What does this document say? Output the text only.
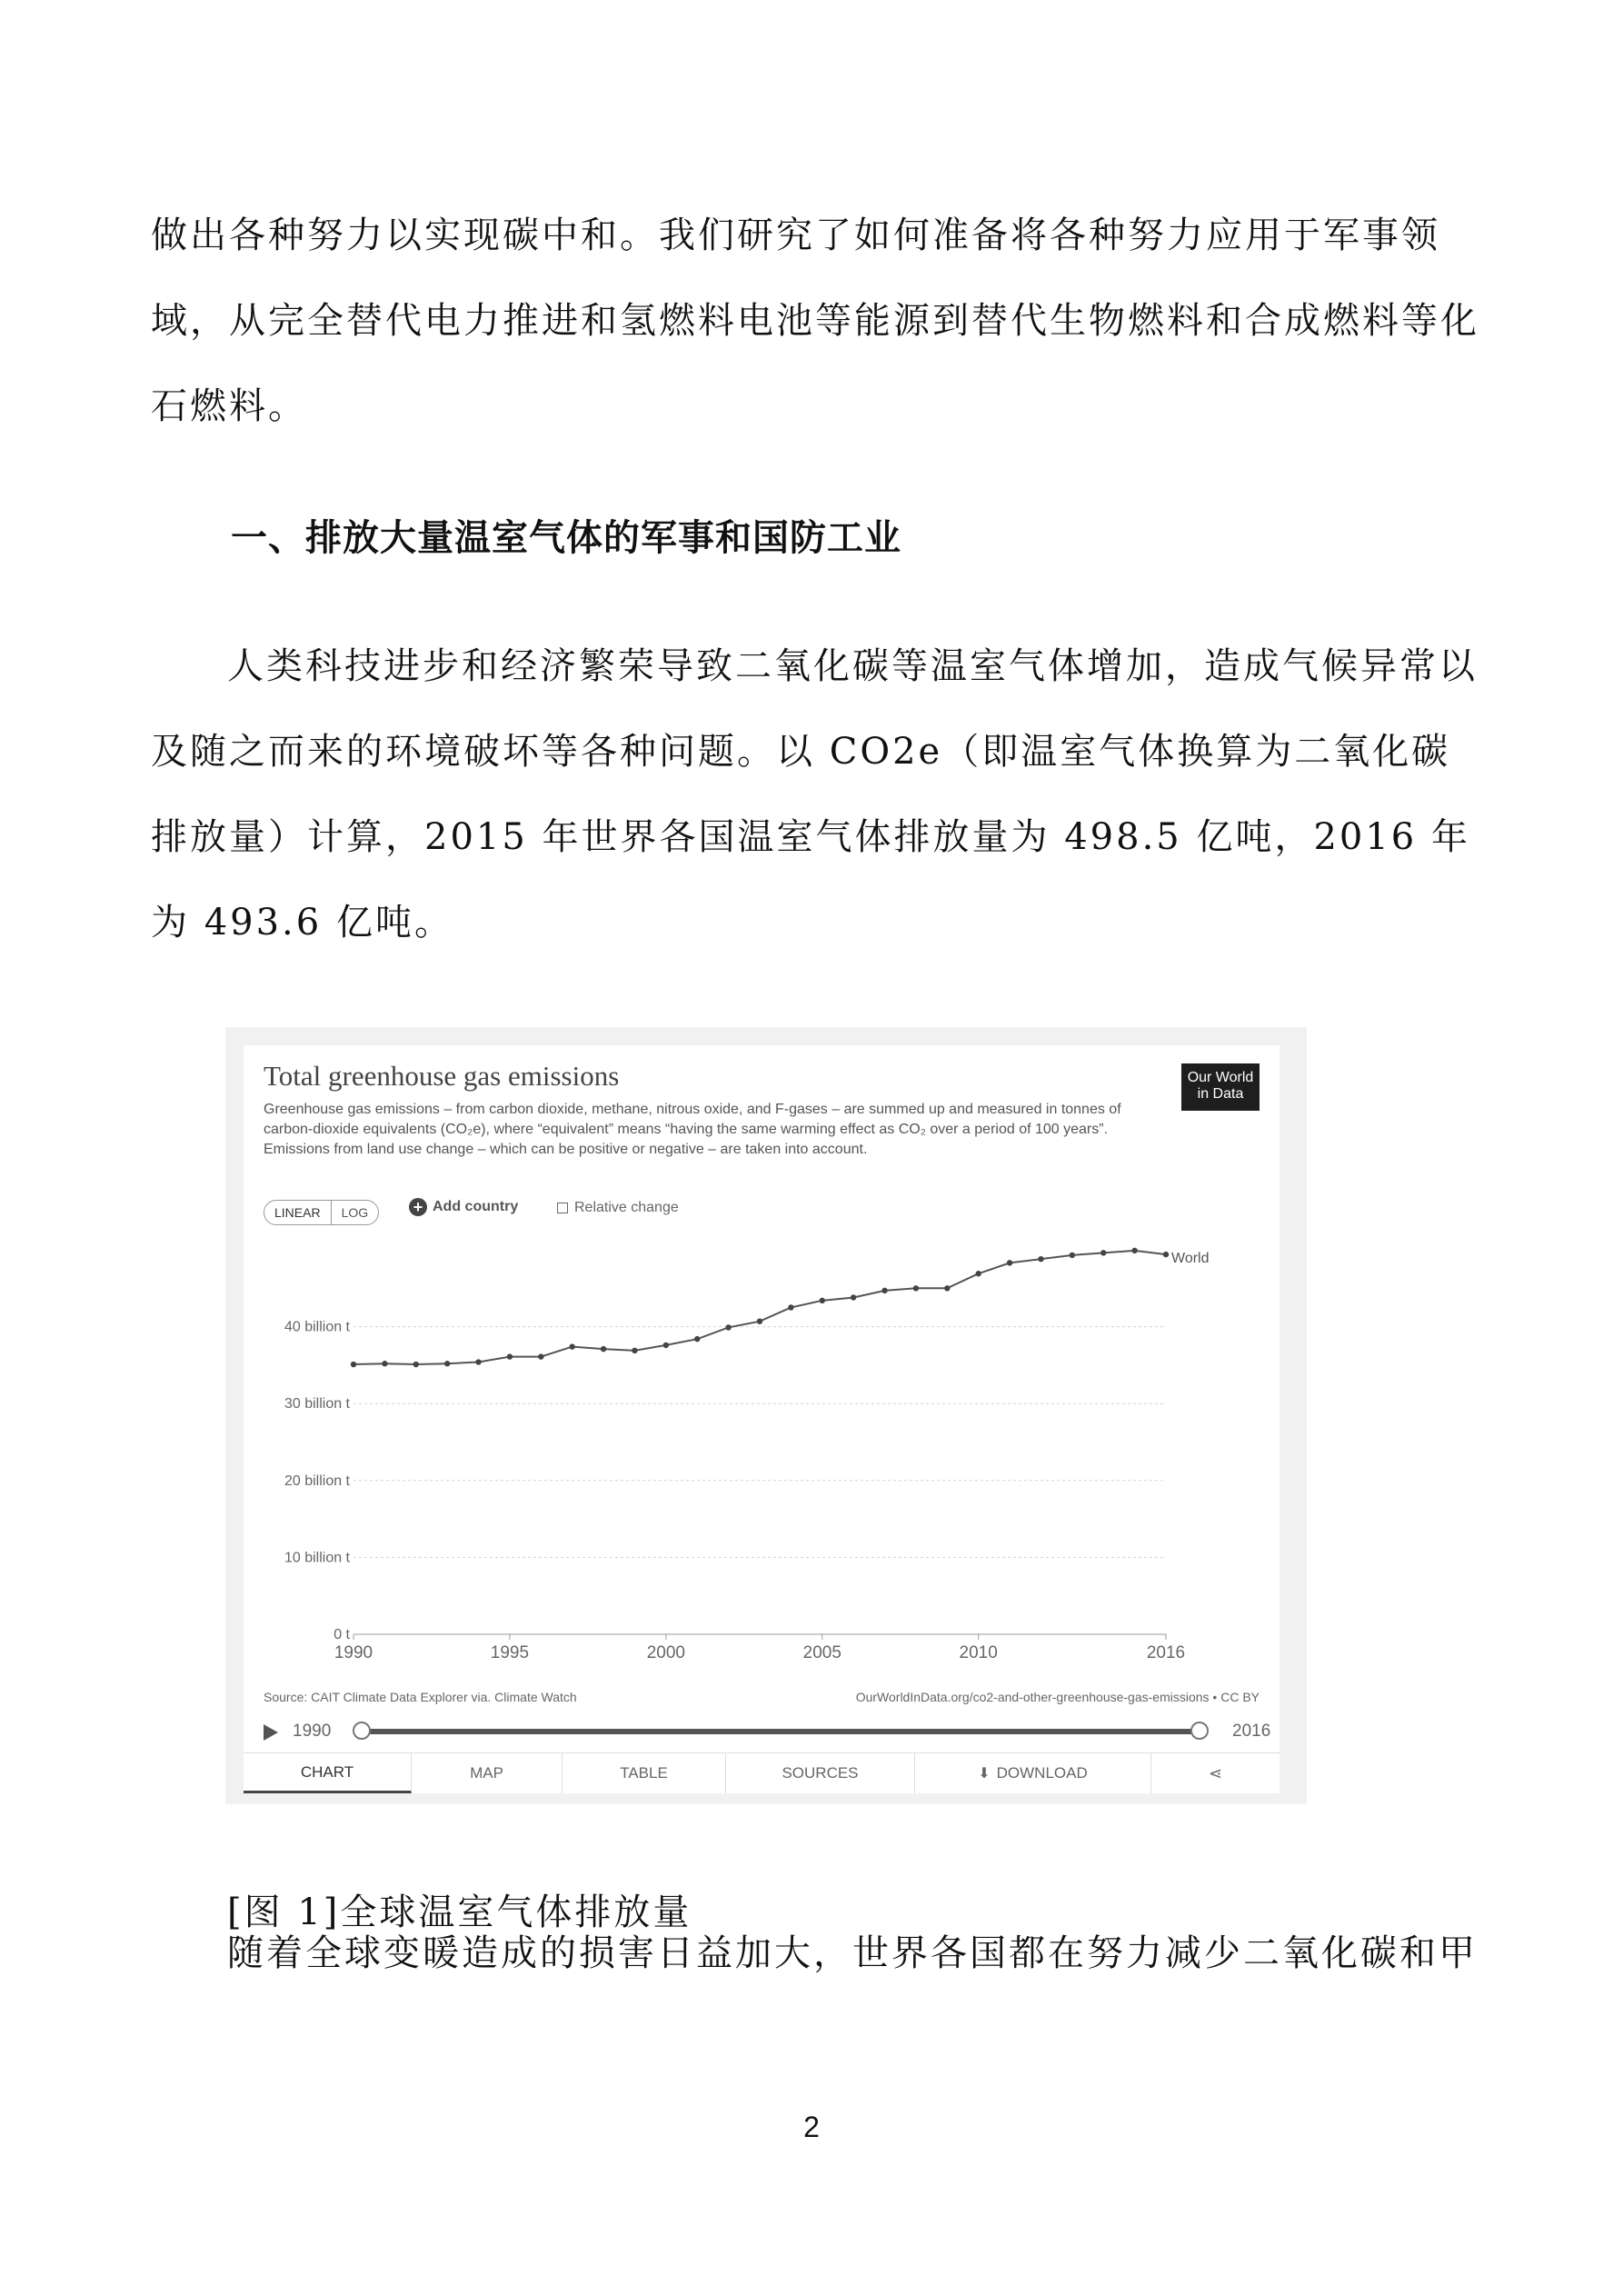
做出各种努力以实现碳中和。我们研究了如何准备将各种努力应用于军事领域，从完全替代电力推进和氢燃料电池等能源到替代生物燃料和合成燃料等化石燃料。

一、排放大量温室气体的军事和国防工业

人类科技进步和经济繁荣导致二氧化碳等温室气体增加，造成气候异常以及随之而来的环境破坏等各种问题。以 CO2e（即温室气体换算为二氧化碳排放量）计算，2015 年世界各国温室气体排放量为 498.5 亿吨，2016 年为 493.6 亿吨。

Total greenhouse gas emissions

Greenhouse gas emissions – from carbon dioxide, methane, nitrous oxide, and F-gases – are summed up and measured in tonnes of carbon-dioxide equivalents (CO₂e), where “equivalent” means “having the same warming effect as CO₂ over a period of 100 years”. Emissions from land use change – which can be positive or negative – are taken into account.

Our World
in Data
LINEAR	LOG	+ Add country	Relative change
0 t
10 billion t
20 billion t
30 billion t
40 billion t
1990	1995	2000	2005	2010	2016
World
Source: CAIT Climate Data Explorer via. Climate Watch	OurWorldInData.org/co2-and-other-greenhouse-gas-emissions • CC BY
1990	2016
CHART	MAP	TABLE	SOURCES	⬇ DOWNLOAD	⋖

[图 1]全球温室气体排放量

随着全球变暖造成的损害日益加大，世界各国都在努力减少二氧化碳和甲

2
